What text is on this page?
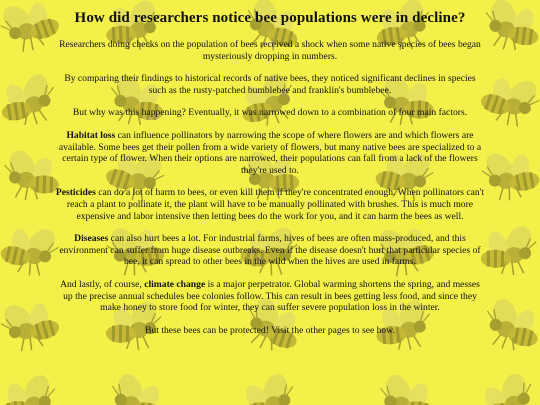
How did researchers notice bee populations were in decline?

Researchers doing checks on the population of bees received a shock when some native species of bees began mysteriously dropping in numbers.

By comparing their findings to historical records of native bees, they noticed significant declines in species such as the rusty-patched bumblebee and franklin's bumblebee.

But why was this happening? Eventually, it was narrowed down to a combination of four main factors.

Habitat loss can influence pollinators by narrowing the scope of where flowers are and which flowers are available. Some bees get their pollen from a wide variety of flowers, but many native bees are specialized to a certain type of flower. When their options are narrowed, their populations can fall from a lack of the flowers they're used to.

Pesticides can do a lot of harm to bees, or even kill them if they're concentrated enough. When pollinators can't reach a plant to pollinate it, the plant will have to be manually pollinated with brushes. This is much more expensive and labor intensive then letting bees do the work for you, and it can harm the bees as well.

Diseases can also hurt bees a lot. For industrial farms, hives of bees are often mass-produced, and this environment can suffer from huge disease outbreaks. Even if the disease doesn't hurt that particular species of bee, it can spread to other bees in the wild when the hives are used in farms.

And lastly, of course, climate change is a major perpetrator. Global warming shortens the spring, and messes up the precise annual schedules bee colonies follow. This can result in bees getting less food, and since they make honey to store food for winter, they can suffer severe population loss in the winter.

But these bees can be protected! Visit the other pages to see how.
